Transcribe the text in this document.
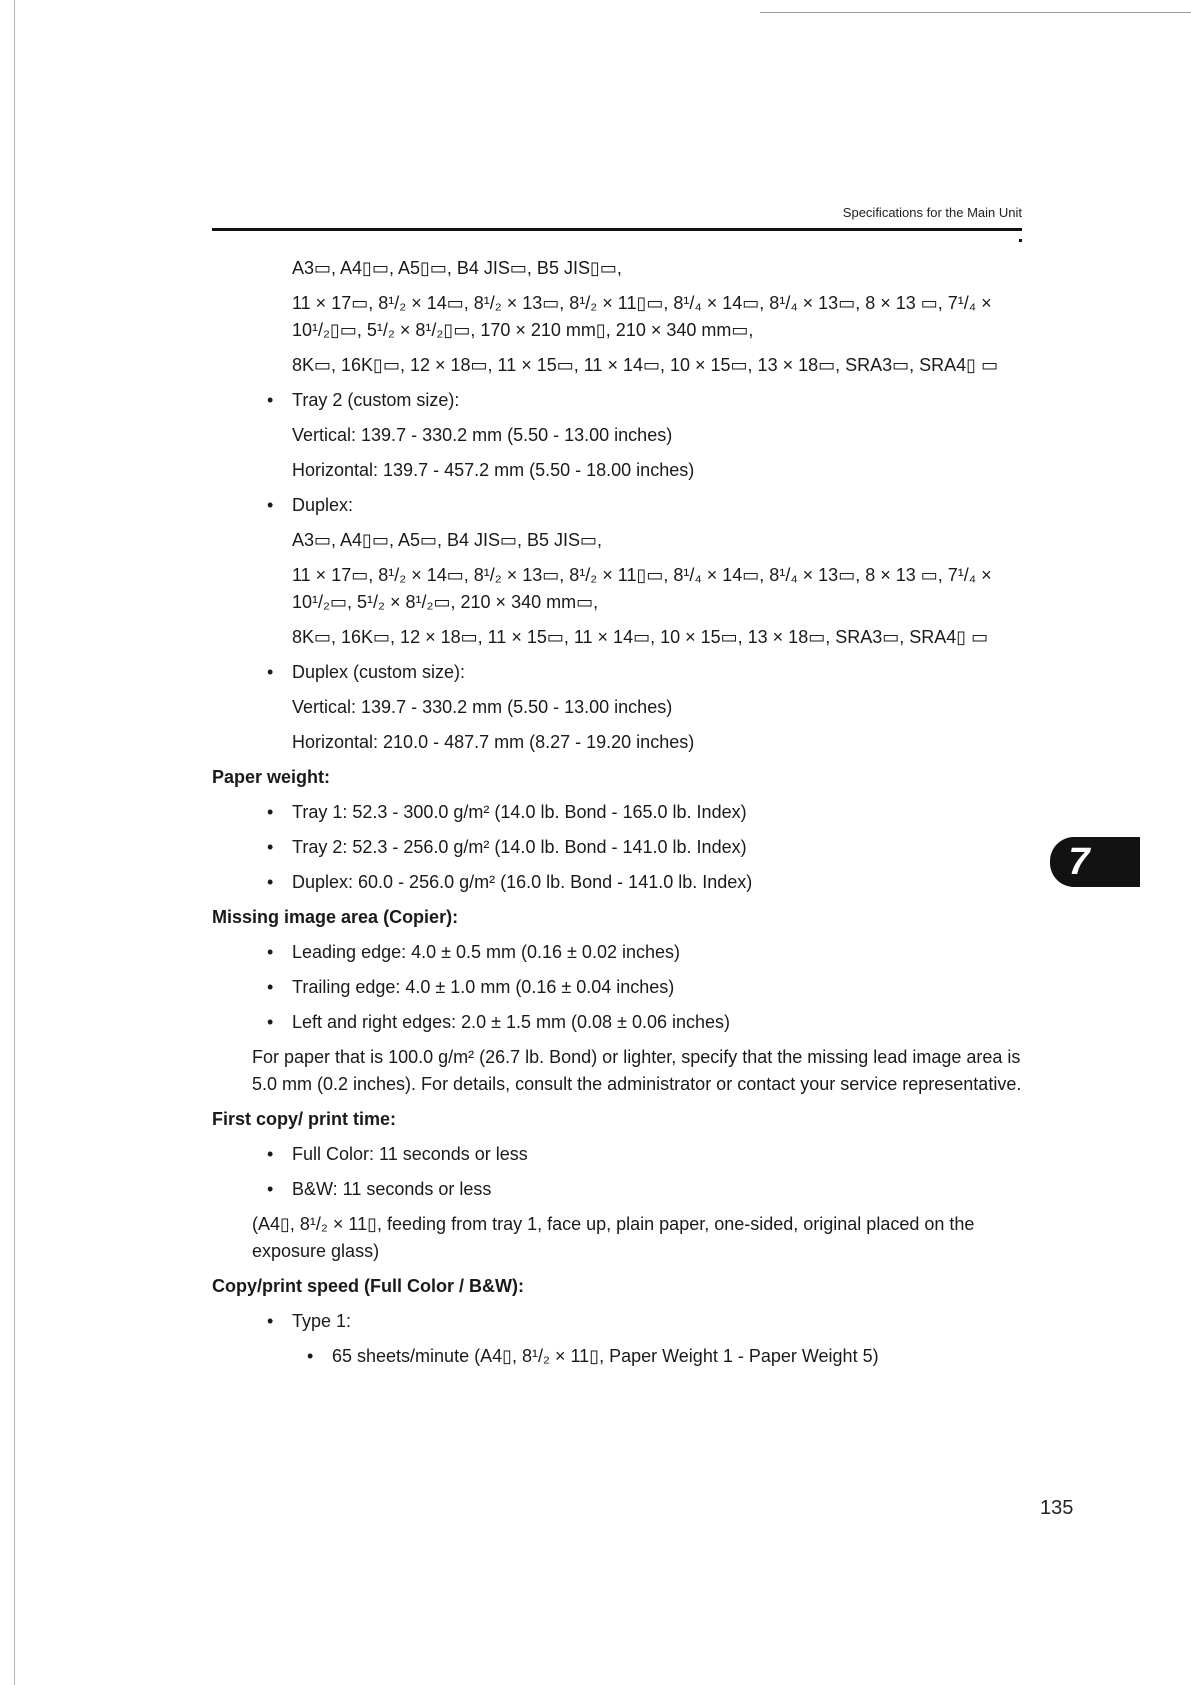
Specifications for the Main Unit
7
A3▭, A4▯▭, A5▯▭, B4 JIS▭, B5 JIS▯▭,
11 × 17▭, 8¹/₂ × 14▭, 8¹/₂ × 13▭, 8¹/₂ × 11▯▭, 8¹/₄ × 14▭, 8¹/₄ × 13▭, 8 × 13 ▭, 7¹/₄ × 10¹/₂▯▭, 5¹/₂ × 8¹/₂▯▭, 170 × 210 mm▯, 210 × 340 mm▭,
8K▭, 16K▯▭, 12 × 18▭, 11 × 15▭, 11 × 14▭, 10 × 15▭, 13 × 18▭, SRA3▭, SRA4▯ ▭
•	Tray 2 (custom size):
Vertical: 139.7 - 330.2 mm (5.50 - 13.00 inches)
Horizontal: 139.7 - 457.2 mm (5.50 - 18.00 inches)
•	Duplex:
A3▭, A4▯▭, A5▭, B4 JIS▭, B5 JIS▭,
11 × 17▭, 8¹/₂ × 14▭, 8¹/₂ × 13▭, 8¹/₂ × 11▯▭, 8¹/₄ × 14▭, 8¹/₄ × 13▭, 8 × 13 ▭, 7¹/₄ × 10¹/₂▭, 5¹/₂ × 8¹/₂▭, 210 × 340 mm▭,
8K▭, 16K▭, 12 × 18▭, 11 × 15▭, 11 × 14▭, 10 × 15▭, 13 × 18▭, SRA3▭, SRA4▯ ▭
•	Duplex (custom size):
Vertical: 139.7 - 330.2 mm (5.50 - 13.00 inches)
Horizontal: 210.0 - 487.7 mm (8.27 - 19.20 inches)
Paper weight:
•	Tray 1: 52.3 - 300.0 g/m² (14.0 lb. Bond - 165.0 lb. Index)
•	Tray 2: 52.3 - 256.0 g/m² (14.0 lb. Bond - 141.0 lb. Index)
•	Duplex: 60.0 - 256.0 g/m² (16.0 lb. Bond - 141.0 lb. Index)
Missing image area (Copier):
•	Leading edge: 4.0 ± 0.5 mm (0.16 ± 0.02 inches)
•	Trailing edge: 4.0 ± 1.0 mm (0.16 ± 0.04 inches)
•	Left and right edges: 2.0 ± 1.5 mm (0.08 ± 0.06 inches)
For paper that is 100.0 g/m² (26.7 lb. Bond) or lighter, specify that the missing lead image area is 5.0 mm (0.2 inches). For details, consult the administrator or contact your service representative.
First copy/ print time:
•	Full Color: 11 seconds or less
•	B&W: 11 seconds or less
(A4▯, 8¹/₂ × 11▯, feeding from tray 1, face up, plain paper, one-sided, original placed on the exposure glass)
Copy/print speed (Full Color / B&W):
•	Type 1:
•	65 sheets/minute (A4▯, 8¹/₂ × 11▯, Paper Weight 1 - Paper Weight 5)
135
